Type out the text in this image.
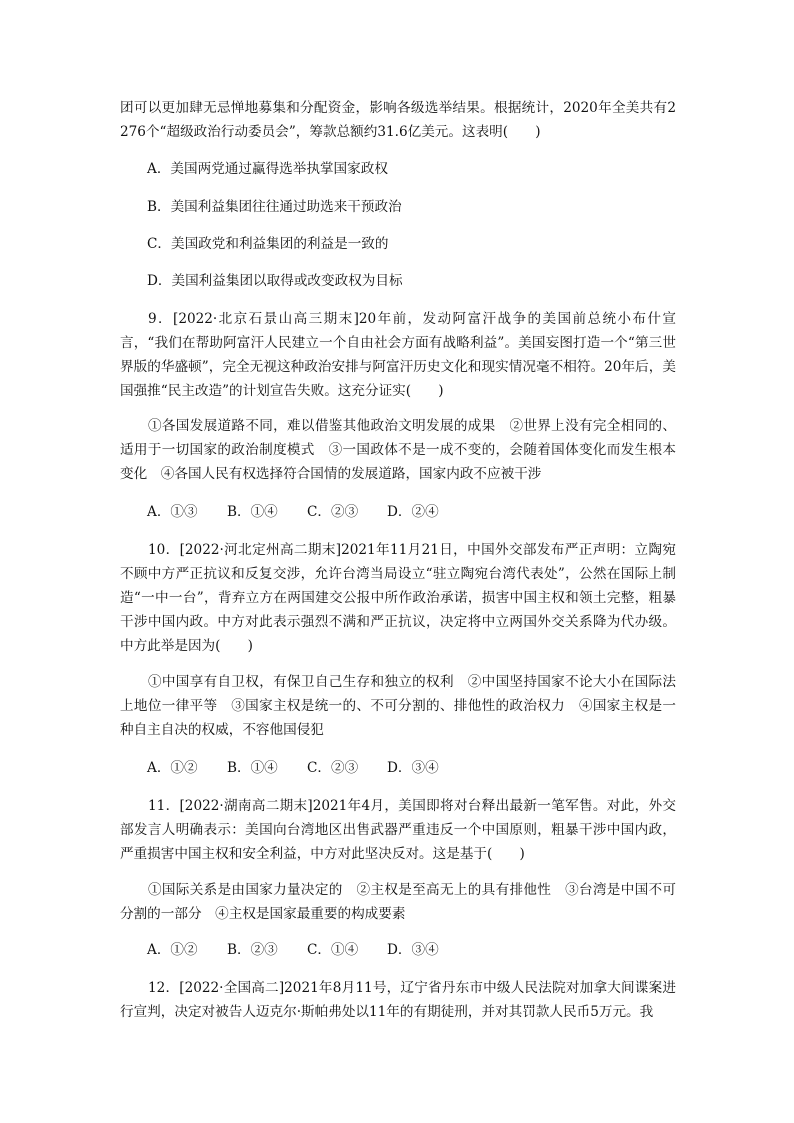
团可以更加肆无忌惮地募集和分配资金，影响各级选举结果。根据统计，2020年全美共有2 276个“超级政治行动委员会”，筹款总额约31.6亿美元。这表明(　　)

A．美国两党通过赢得选举执掌国家政权
B．美国利益集团往往通过助选来干预政治
C．美国政党和利益集团的利益是一致的
D．美国利益集团以取得或改变政权为目标

9．[2022·北京石景山高三期末]20年前，发动阿富汗战争的美国前总统小布什宣言，“我们在帮助阿富汗人民建立一个自由社会方面有战略利益”。美国妄图打造一个“第三世界版的华盛顿”，完全无视这种政治安排与阿富汗历史文化和现实情况毫不相符。20年后，美国强推“民主改造”的计划宣告失败。这充分证实(　　)

①各国发展道路不同，难以借鉴其他政治文明发展的成果　②世界上没有完全相同的、适用于一切国家的政治制度模式　③一国政体不是一成不变的，会随着国体变化而发生根本变化　④各国人民有权选择符合国情的发展道路，国家内政不应被干涉

A．①③	B．①④	C．②③	D．②④

10．[2022·河北定州高二期末]2021年11月21日，中国外交部发布严正声明：立陶宛不顾中方严正抗议和反复交涉，允许台湾当局设立“驻立陶宛台湾代表处”，公然在国际上制造“一中一台”，背弃立方在两国建交公报中所作政治承诺，损害中国主权和领土完整，粗暴干涉中国内政。中方对此表示强烈不满和严正抗议，决定将中立两国外交关系降为代办级。中方此举是因为(　　)

①中国享有自卫权，有保卫自己生存和独立的权利　②中国坚持国家不论大小在国际法上地位一律平等　③国家主权是统一的、不可分割的、排他性的政治权力　④国家主权是一种自主自决的权威，不容他国侵犯

A．①②	B．①④	C．②③	D．③④

11．[2022·湖南高二期末]2021年4月，美国即将对台释出最新一笔军售。对此，外交部发言人明确表示：美国向台湾地区出售武器严重违反一个中国原则，粗暴干涉中国内政，严重损害中国主权和安全利益，中方对此坚决反对。这是基于(　　)

①国际关系是由国家力量决定的　②主权是至高无上的具有排他性　③台湾是中国不可分割的一部分　④主权是国家最重要的构成要素

A．①②	B．②③	C．①④	D．③④

12．[2022·全国高二]2021年8月11号，辽宁省丹东市中级人民法院对加拿大间谍案进行宣判，决定对被告人迈克尔·斯帕弗处以11年的有期徒刑，并对其罚款人民币5万元。我
